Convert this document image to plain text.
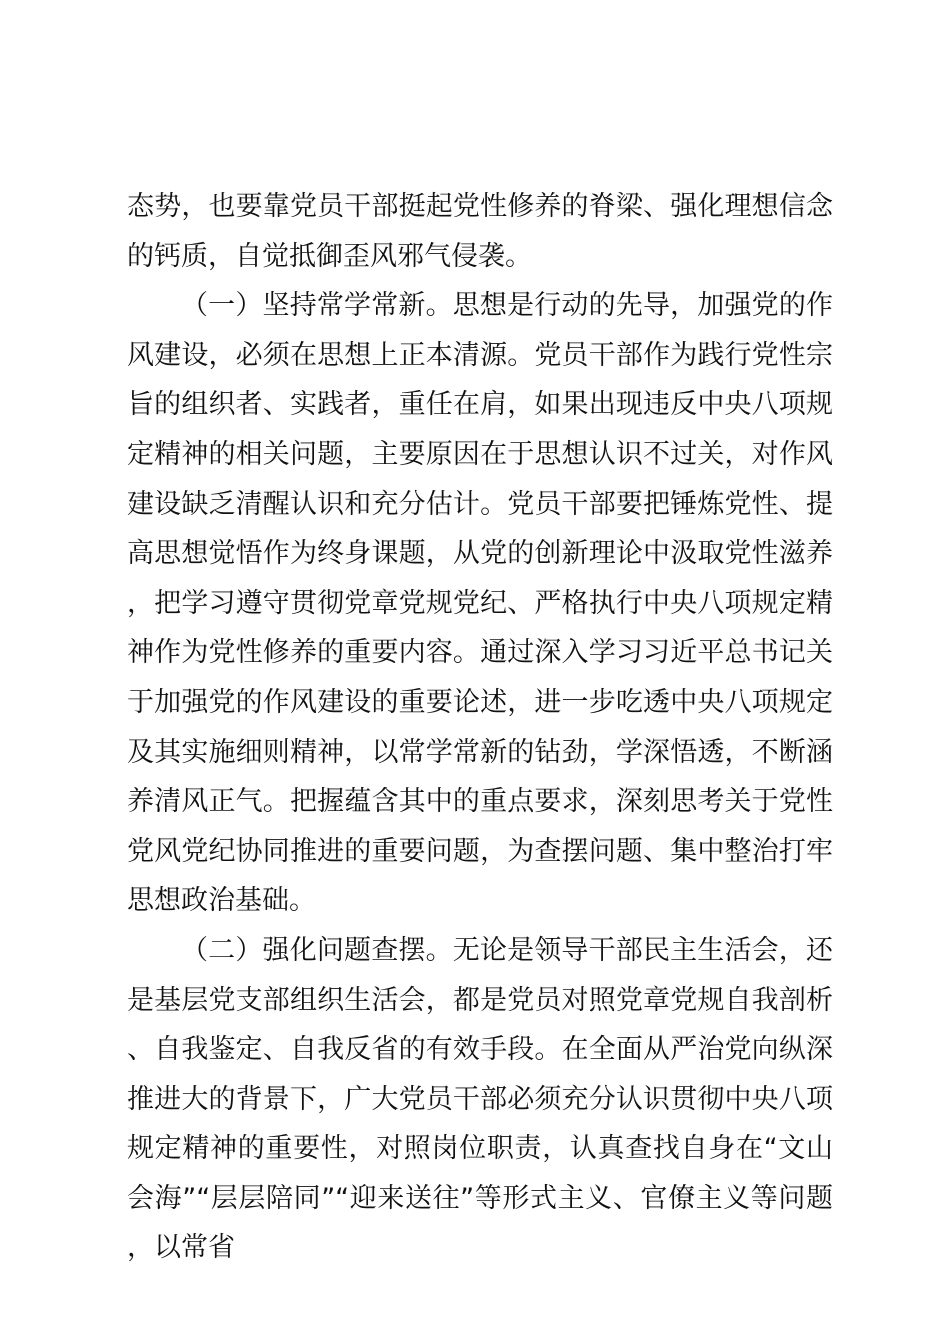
态势，也要靠党员干部挺起党性修养的脊梁、强化理想信念的钙质，自觉抵御歪风邪气侵袭。

（一）坚持常学常新。思想是行动的先导，加强党的作风建设，必须在思想上正本清源。党员干部作为践行党性宗旨的组织者、实践者，重任在肩，如果出现违反中央八项规定精神的相关问题，主要原因在于思想认识不过关，对作风建设缺乏清醒认识和充分估计。党员干部要把锤炼党性、提高思想觉悟作为终身课题，从党的创新理论中汲取党性滋养，把学习遵守贯彻党章党规党纪、严格执行中央八项规定精神作为党性修养的重要内容。通过深入学习习近平总书记关于加强党的作风建设的重要论述，进一步吃透中央八项规定及其实施细则精神，以常学常新的钻劲，学深悟透，不断涵养清风正气。把握蕴含其中的重点要求，深刻思考关于党性党风党纪协同推进的重要问题，为查摆问题、集中整治打牢思想政治基础。

（二）强化问题查摆。无论是领导干部民主生活会，还是基层党支部组织生活会，都是党员对照党章党规自我剖析、自我鉴定、自我反省的有效手段。在全面从严治党向纵深推进大的背景下，广大党员干部必须充分认识贯彻中央八项规定精神的重要性，对照岗位职责，认真查找自身在“文山会海”“层层陪同”“迎来送往”等形式主义、官僚主义等问题，以常省
